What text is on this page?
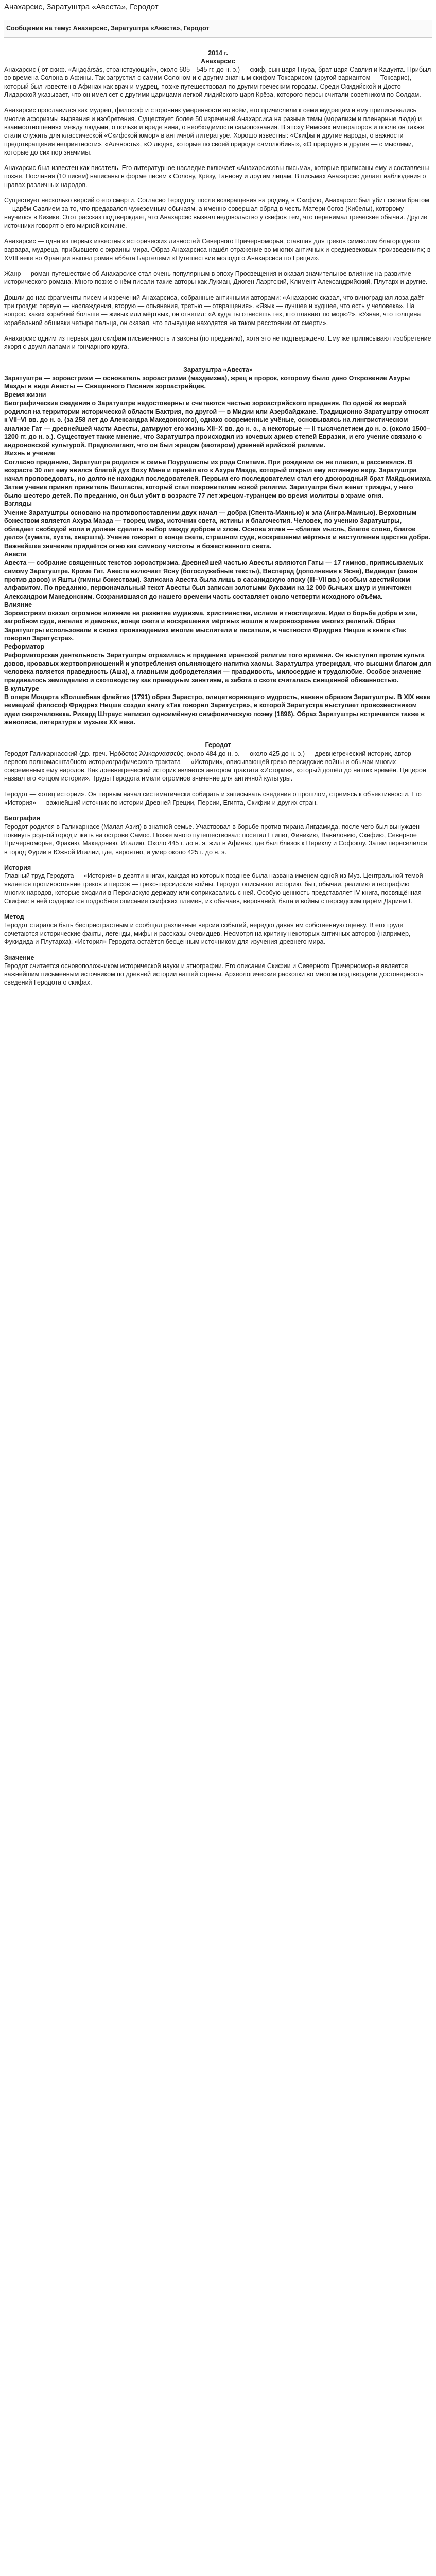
Анахарсис, Заратуштра «Авеста», Геродот
Сообщение на тему: Анахарсис, Заратуштра «Авеста», Геродот
2014 г.
Анахарсис

Анахарсис ( от скиф. «Аңaqársás, странствующий», около 605—545 гг. до н. э.) — скиф, сын царя Гнура, брат царя Савлия и Кадуита. Прибыл во времена Солона в Афины. Так загрустил с самим Солоном и с другим знатным скифом Токсарисом (другой вариантом — Токсарис), который был известен в Афинах как врач и мудрец, позже путешествовал по другим греческим городам. Среди Скидийской и Досто Лидарской указывает, что он имел сет с другими царицами легкой лидийского царя Крёза, которого персы считали советником по Солдам.

Анахарсис прославился как мудрец, философ и сторонник умеренности во всём, его причислили к семи мудрецам и ему приписывались многие афоризмы вырвания и изобретения. Существует более 50 изречений Анахарсиса на разные темы (морализм и пленарные люди) и взаимоотношениях между людьми, о пользе и вреде вина, о необходимости самопознания. В эпоху Римских императоров и после он также стали служить для классической «Скифской юмор» в античной литературе. Хорошо известны: «Скифы и другие народы, о важности предотвращения неприятности», «Алчность», «О людях, которые по своей природе самолюбивы», «О природе» и другие — с мыслями, которые до сих пор значимы.

Анахарсис был известен как писатель. Его литературное наследие включает «Анахарсисовы письма», которые приписаны ему и составлены позже. Послания (10 писем) написаны в форме писем к Солону, Крёзу, Ганнону и другим лицам. В письмах Анахарсис делает наблюдения о нравах различных народов.

Существует несколько версий о его смерти. Согласно Геродоту, после возвращения на родину, в Скифию, Анахарсис был убит своим братом — царём Савлием за то, что предавался чужеземным обычаям, а именно совершал обряд в честь Матери богов (Кибелы), которому научился в Кизике. Этот рассказ подтверждает, что Анахарсис вызвал недовольство у скифов тем, что перенимал греческие обычаи. Другие источники говорят о его мирной кончине.

Анахарсис — одна из первых известных исторических личностей Северного Причерноморья, ставшая для греков символом благородного варвара, мудреца, прибывшего с окраины мира. Образ Анахарсиса нашёл отражение во многих античных и средневековых произведениях; в XVIII веке во Франции вышел роман аббата Бартелеми «Путешествие молодого Анахарсиса по Греции».

Жанр — роман-путешествие об Анахарсисе стал очень популярным в эпоху Просвещения и оказал значительное влияние на развитие исторического романа. Много позже о нём писали такие авторы как Лукиан, Диоген Лаэртский, Климент Александрийский, Плутарх и другие.

Дошли до нас фрагменты писем и изречений Анахарсиса, собранные античными авторами: «Анахарсис сказал, что виноградная лоза даёт три грозди: первую — наслаждения, вторую — опьянения, третью — отвращения». «Язык — лучшее и худшее, что есть у человека». На вопрос, каких кораблей больше — живых или мёртвых, он ответил: «А куда ты отнесёшь тех, кто плавает по морю?». «Узнав, что толщина корабельной обшивки четыре пальца, он сказал, что плывущие находятся на таком расстоянии от смерти».

Анахарсис одним из первых дал скифам письменность и законы (по преданию), хотя это не подтверждено. Ему же приписывают изобретение якоря с двумя лапами и гончарного круга.

Заратуштра «Авеста»

Заратуштра — зороастризм — основатель зороастризма (маздеизма), жрец и пророк, которому было дано Откровение Ахуры Мазды в виде Авесты — Священного Писания зороастрийцев.

Время жизни

Биографические сведения о Заратуштре недостоверны и считаются частью зороастрийского предания. По одной из версий родился на территории исторической области Бактрия, по другой — в Мидии или Азербайджане. Традиционно Заратуштру относят к VII–VI вв. до н. э. (за 258 лет до Александра Македонского), однако современные учёные, основываясь на лингвистическом анализе Гат — древнейшей части Авесты, датируют его жизнь XII–X вв. до н. э., а некоторые — II тысячелетием до н. э. (около 1500–1200 гг. до н. э.). Существует также мнение, что Заратуштра происходил из кочевых ариев степей Евразии, и его учение связано с андроновской культурой. Предполагают, что он был жрецом (заотаром) древней арийской религии.

Жизнь и учение

Согласно преданию, Заратуштра родился в семье Поурушаспы из рода Спитама. При рождении он не плакал, а рассмеялся. В возрасте 30 лет ему явился благой дух Воху Мана и привёл его к Ахура Мазде, который открыл ему истинную веру. Заратуштра начал проповедовать, но долго не находил последователей. Первым его последователем стал его двоюродный брат Майдьоимаха. Затем учение принял правитель Виштаспа, который стал покровителем новой религии. Заратуштра был женат трижды, у него было шестеро детей. По преданию, он был убит в возрасте 77 лет жрецом-туранцем во время молитвы в храме огня.

Взгляды

Учение Заратуштры основано на противопоставлении двух начал — добра (Спента-Маинью) и зла (Ангра-Маинью). Верховным божеством является Ахура Мазда — творец мира, источник света, истины и благочестия. Человек, по учению Заратуштры, обладает свободой воли и должен сделать выбор между добром и злом. Основа этики — «благая мысль, благое слово, благое дело» (хумата, хухта, хваршта). Учение говорит о конце света, страшном суде, воскрешении мёртвых и наступлении царства добра. Важнейшее значение придаётся огню как символу чистоты и божественного света.

Авеста

Авеста — собрание священных текстов зороастризма. Древнейшей частью Авесты являются Гаты — 17 гимнов, приписываемых самому Заратуштре. Кроме Гат, Авеста включает Ясну (богослужебные тексты), Висперед (дополнения к Ясне), Видевдат (закон против дэвов) и Яшты (гимны божествам). Записана Авеста была лишь в сасанидскую эпоху (III–VII вв.) особым авестийским алфавитом. По преданию, первоначальный текст Авесты был записан золотыми буквами на 12 000 бычьих шкур и уничтожен Александром Македонским. Сохранившаяся до нашего времени часть составляет около четверти исходного объёма.

Влияние

Зороастризм оказал огромное влияние на развитие иудаизма, христианства, ислама и гностицизма. Идеи о борьбе добра и зла, загробном суде, ангелах и демонах, конце света и воскрешении мёртвых вошли в мировоззрение многих религий. Образ Заратуштры использовали в своих произведениях многие мыслители и писатели, в частности Фридрих Ницше в книге «Так говорил Заратустра».

Реформатор

Реформаторская деятельность Заратуштры отразилась в преданиях иранской религии того времени. Он выступил против культа дэвов, кровавых жертвоприношений и употребления опьяняющего напитка хаомы. Заратуштра утверждал, что высшим благом для человека является праведность (Аша), а главными добродетелями — правдивость, милосердие и трудолюбие. Особое значение придавалось земледелию и скотоводству как праведным занятиям, а забота о скоте считалась священной обязанностью.

В культуре

В опере Моцарта «Волшебная флейта» (1791) образ Зарастро, олицетворяющего мудрость, навеян образом Заратуштры. В XIX веке немецкий философ Фридрих Ницше создал книгу «Так говорил Заратустра», в которой Заратустра выступает провозвестником идеи сверхчеловека. Рихард Штраус написал одноимённую симфоническую поэму (1896). Образ Заратуштры встречается также в живописи, литературе и музыке XX века.

Геродот

Геродот Галикарнасский (др.-греч. Ἡρόδοτος Ἁλικαρνασσεύς, около 484 до н. э. — около 425 до н. э.) — древнегреческий историк, автор первого полномасштабного историографического трактата — «Истории», описывающей греко-персидские войны и обычаи многих современных ему народов. Как древнегреческий историк является автором трактата «История», который дошёл до наших времён. Цицерон назвал его «отцом истории». Труды Геродота имели огромное значение для античной культуры.

Геродот — «отец истории». Он первым начал систематически собирать и записывать сведения о прошлом, стремясь к объективности. Его «История» — важнейший источник по истории Древней Греции, Персии, Египта, Скифии и других стран.

Биография

Геродот родился в Галикарнасе (Малая Азия) в знатной семье. Участвовал в борьбе против тирана Лигдамида, после чего был вынужден покинуть родной город и жить на острове Самос. Позже много путешествовал: посетил Египет, Финикию, Вавилонию, Скифию, Северное Причерноморье, Фракию, Македонию, Италию. Около 445 г. до н. э. жил в Афинах, где был близок к Периклу и Софоклу. Затем переселился в город Фурии в Южной Италии, где, вероятно, и умер около 425 г. до н. э.

История

Главный труд Геродота — «История» в девяти книгах, каждая из которых позднее была названа именем одной из Муз. Центральной темой является противостояние греков и персов — греко-персидские войны. Геродот описывает историю, быт, обычаи, религию и географию многих народов, которые входили в Персидскую державу или соприкасались с ней. Особую ценность представляет IV книга, посвящённая Скифии: в ней содержится подробное описание скифских племён, их обычаев, верований, быта и войны с персидским царём Дарием I.

Метод

Геродот старался быть беспристрастным и сообщал различные версии событий, нередко давая им собственную оценку. В его труде сочетаются исторические факты, легенды, мифы и рассказы очевидцев. Несмотря на критику некоторых античных авторов (например, Фукидида и Плутарха), «История» Геродота остаётся бесценным источником для изучения древнего мира.

Значение

Геродот считается основоположником исторической науки и этнографии. Его описание Скифии и Северного Причерноморья является важнейшим письменным источником по древней истории нашей страны. Археологические раскопки во многом подтвердили достоверность сведений Геродота о скифах.
